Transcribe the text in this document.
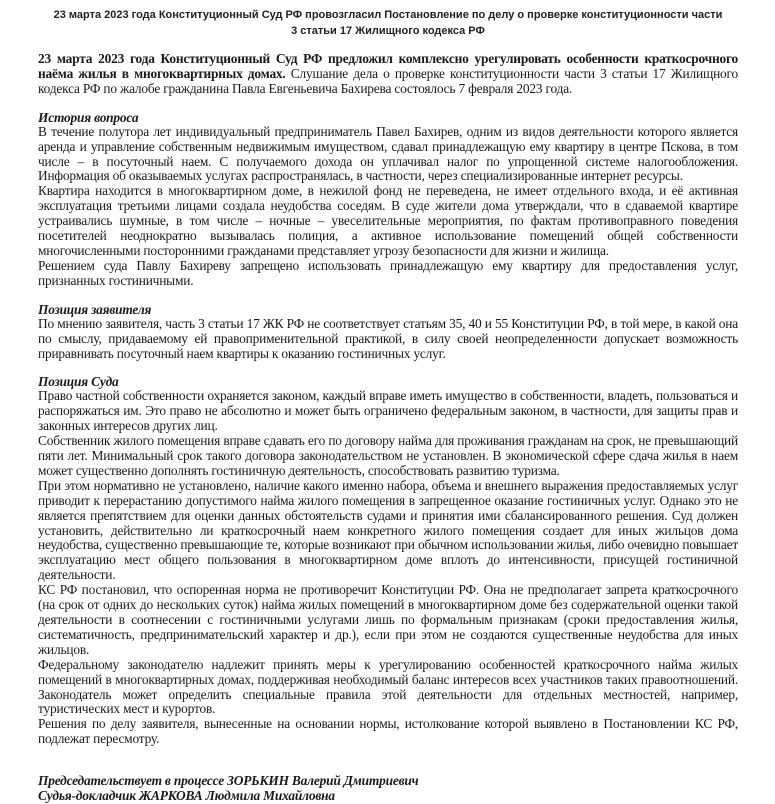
23 марта 2023 года Конституционный Суд РФ провозгласил Постановление по делу о проверке конституционности части 3 статьи 17 Жилищного кодекса РФ

23 марта 2023 года Конституционный Суд РФ предложил комплексно урегулировать особенности краткосрочного наёма жилья в многоквартирных домах. Слушание дела о проверке конституционности части 3 статьи 17 Жилищного кодекса РФ по жалобе гражданина Павла Евгеньевича Бахирева состоялось 7 февраля 2023 года.

История вопроса

В течение полутора лет индивидуальный предприниматель Павел Бахирев, одним из видов деятельности которого является аренда и управление собственным недвижимым имуществом, сдавал принадлежащую ему квартиру в центре Пскова, в том числе – в посуточный наем. С получаемого дохода он уплачивал налог по упрощенной системе налогообложения. Информация об оказываемых услугах распространялась, в частности, через специализированные интернет ресурсы.

Квартира находится в многоквартирном доме, в нежилой фонд не переведена, не имеет отдельного входа, и её активная эксплуатация третьими лицами создала неудобства соседям. В суде жители дома утверждали, что в сдаваемой квартире устраивались шумные, в том числе – ночные – увеселительные мероприятия, по фактам противоправного поведения посетителей неоднократно вызывалась полиция, а активное использование помещений общей собственности многочисленными посторонними гражданами представляет угрозу безопасности для жизни и жилища.

Решением суда Павлу Бахиреву запрещено использовать принадлежащую ему квартиру для предоставления услуг, признанных гостиничными.

Позиция заявителя

По мнению заявителя, часть 3 статьи 17 ЖК РФ не соответствует статьям 35, 40 и 55 Конституции РФ, в той мере, в какой она по смыслу, придаваемому ей правоприменительной практикой, в силу своей неопределенности допускает возможность приравнивать посуточный наем квартиры к оказанию гостиничных услуг.

Позиция Суда

Право частной собственности охраняется законом, каждый вправе иметь имущество в собственности, владеть, пользоваться и распоряжаться им. Это право не абсолютно и может быть ограничено федеральным законом, в частности, для защиты прав и законных интересов других лиц.

Собственник жилого помещения вправе сдавать его по договору найма для проживания гражданам на срок, не превышающий пяти лет. Минимальный срок такого договора законодательством не установлен. В экономической сфере сдача жилья в наем может существенно дополнять гостиничную деятельность, способствовать развитию туризма.

При этом нормативно не установлено, наличие какого именно набора, объема и внешнего выражения предоставляемых услуг приводит к перерастанию допустимого найма жилого помещения в запрещенное оказание гостиничных услуг. Однако это не является препятствием для оценки данных обстоятельств судами и принятия ими сбалансированного решения. Суд должен установить, действительно ли краткосрочный наем конкретного жилого помещения создает для иных жильцов дома неудобства, существенно превышающие те, которые возникают при обычном использовании жилья, либо очевидно повышает эксплуатацию мест общего пользования в многоквартирном доме вплоть до интенсивности, присущей гостиничной деятельности.

КС РФ постановил, что оспоренная норма не противоречит Конституции РФ. Она не предполагает запрета краткосрочного (на срок от одних до нескольких суток) найма жилых помещений в многоквартирном доме без содержательной оценки такой деятельности в соотнесении с гостиничными услугами лишь по формальным признакам (сроки предоставления жилья, систематичность, предпринимательский характер и др.), если при этом не создаются существенные неудобства для иных жильцов.

Федеральному законодателю надлежит принять меры к урегулированию особенностей краткосрочного найма жилых помещений в многоквартирных домах, поддерживая необходимый баланс интересов всех участников таких правоотношений. Законодатель может определить специальные правила этой деятельности для отдельных местностей, например, туристических мест и курортов.

Решения по делу заявителя, вынесенные на основании нормы, истолкование которой выявлено в Постановлении КС РФ, подлежат пересмотру.

Председательствует в процессе ЗОРЬКИН Валерий Дмитриевич

Судья-докладчик ЖАРКОВА Людмила Михайловна
